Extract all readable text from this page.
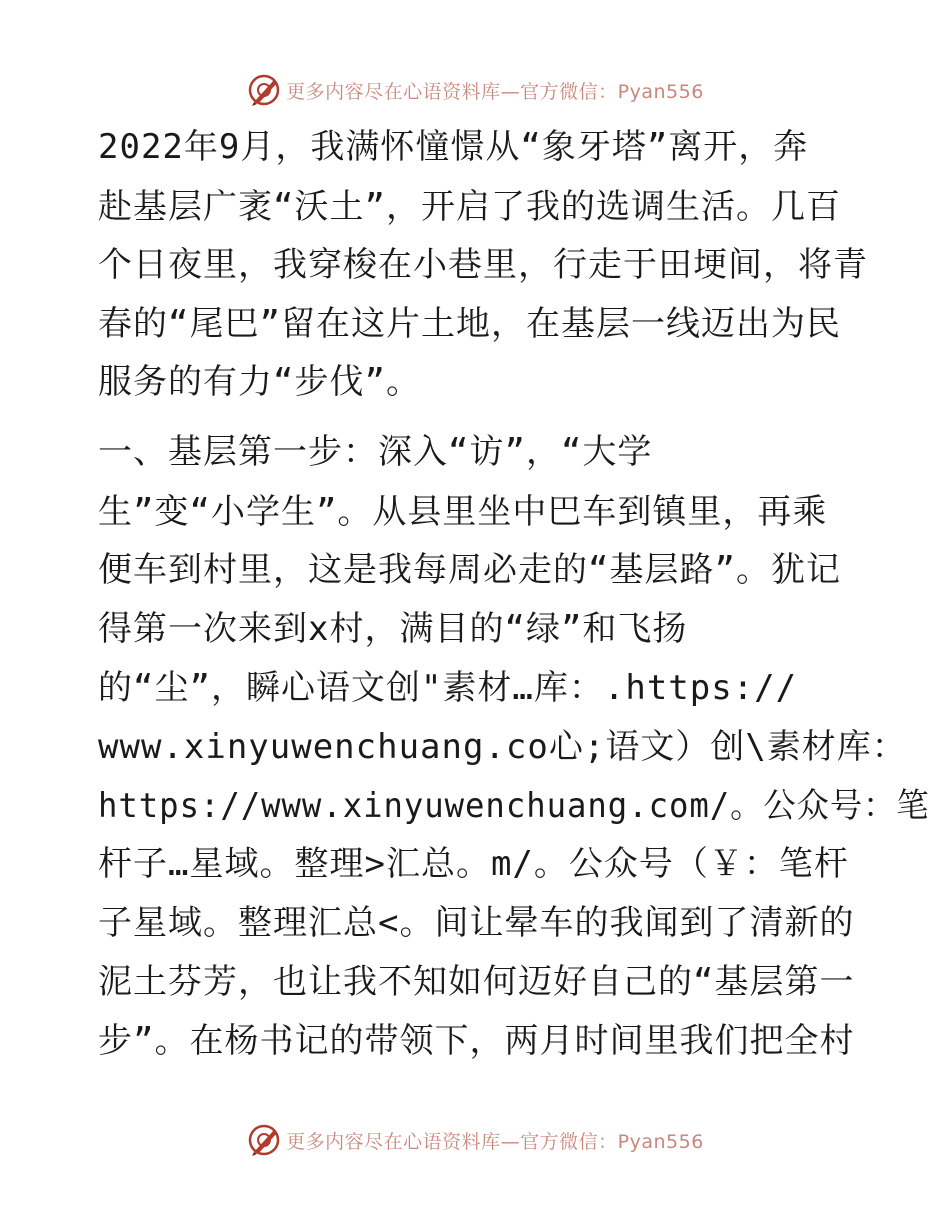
更多内容尽在心语资料库—官方微信：Pyan556
2022年9月，我满怀憧憬从“象牙塔”离开，奔
赴基层广袤“沃土”，开启了我的选调生活。几百
个日夜里，我穿梭在小巷里，行走于田埂间，将青
春的“尾巴”留在这片土地，在基层一线迈出为民
服务的有力“步伐”。
一、基层第一步：深入“访”，“大学
生”变“小学生”。从县里坐中巴车到镇里，再乘
便车到村里，这是我每周必走的“基层路”。犹记
得第一次来到x村，满目的“绿”和飞扬
的“尘”，瞬心语文创"素材…库：.https://
www.xinyuwenchuang.co心;语文）创\素材库：
https://www.xinyuwenchuang.com/。公众号：笔
杆子…星域。整理>汇总。m/。公众号（￥：笔杆
子星域。整理汇总<。间让晕车的我闻到了清新的
泥土芬芳，也让我不知如何迈好自己的“基层第一
步”。在杨书记的带领下，两月时间里我们把全村
更多内容尽在心语资料库—官方微信：Pyan556
